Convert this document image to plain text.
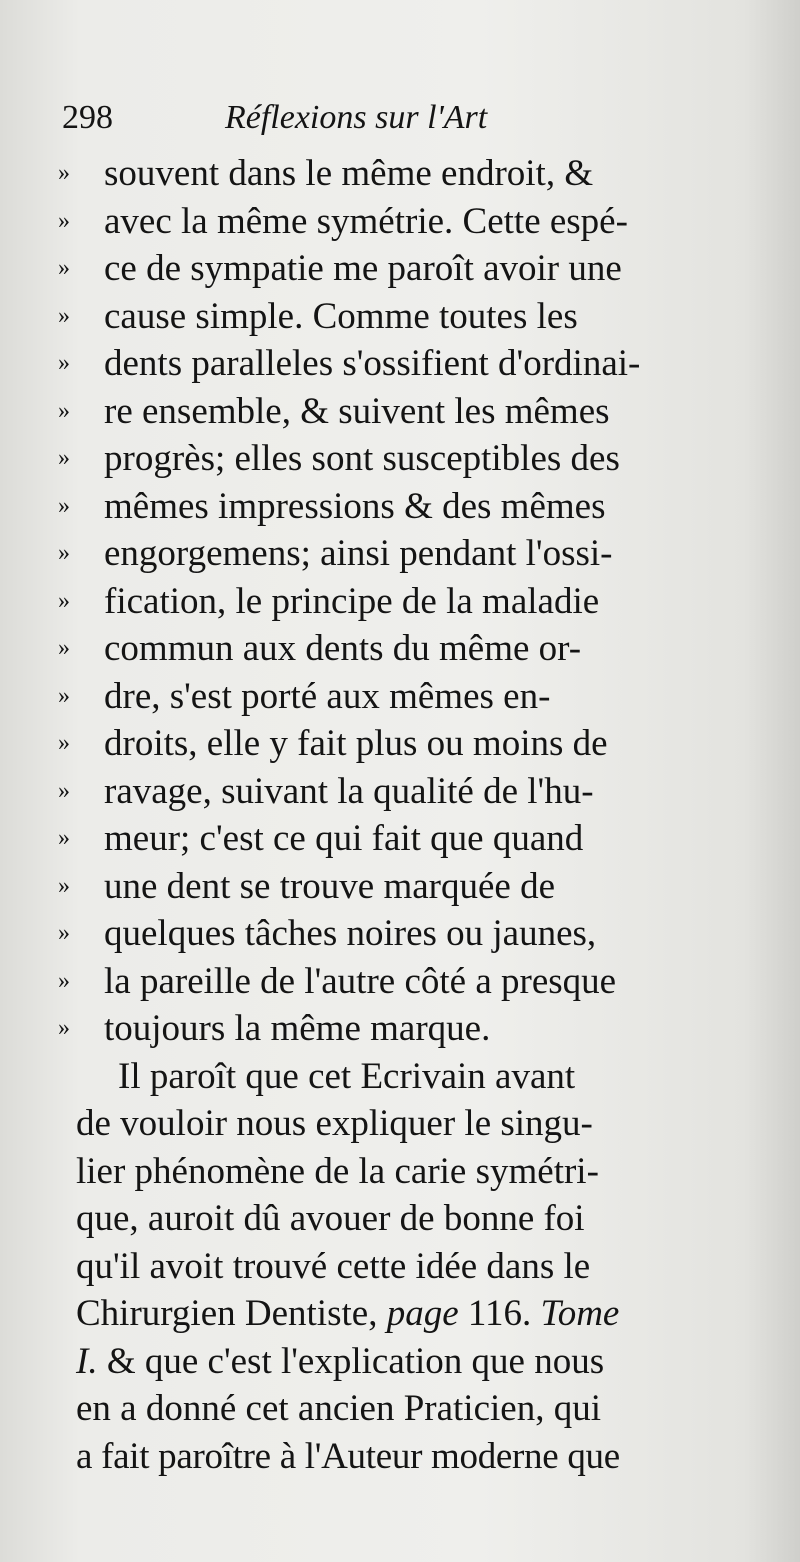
298	Réflexions sur l'Art
» souvent dans le même endroit, &
» avec la même symétrie. Cette espé-
» ce de sympatie me paroît avoir une
» cause simple. Comme toutes les
» dents paralleles s'ossifient d'ordinai-
» re ensemble, & suivent les mêmes
» progrès; elles sont susceptibles des
» mêmes impressions & des mêmes
» engorgemens; ainsi pendant l'ossi-
» fication, le principe de la maladie
» commun aux dents du même or-
» dre, s'est porté aux mêmes en-
» droits, elle y fait plus ou moins de
» ravage, suivant la qualité de l'hu-
» meur; c'est ce qui fait que quand
» une dent se trouve marquée de
» quelques tâches noires ou jaunes,
» la pareille de l'autre côté a presque
» toujours la même marque.
Il paroît que cet Ecrivain avant
de vouloir nous expliquer le singu-
lier phénomène de la carie symétri-
que, auroit dû avouer de bonne foi
qu'il avoit trouvé cette idée dans le
Chirurgien Dentiste, page 116. Tome
I. & que c'est l'explication que nous
en a donné cet ancien Praticien, qui
a fait paroître à l'Auteur moderne que
